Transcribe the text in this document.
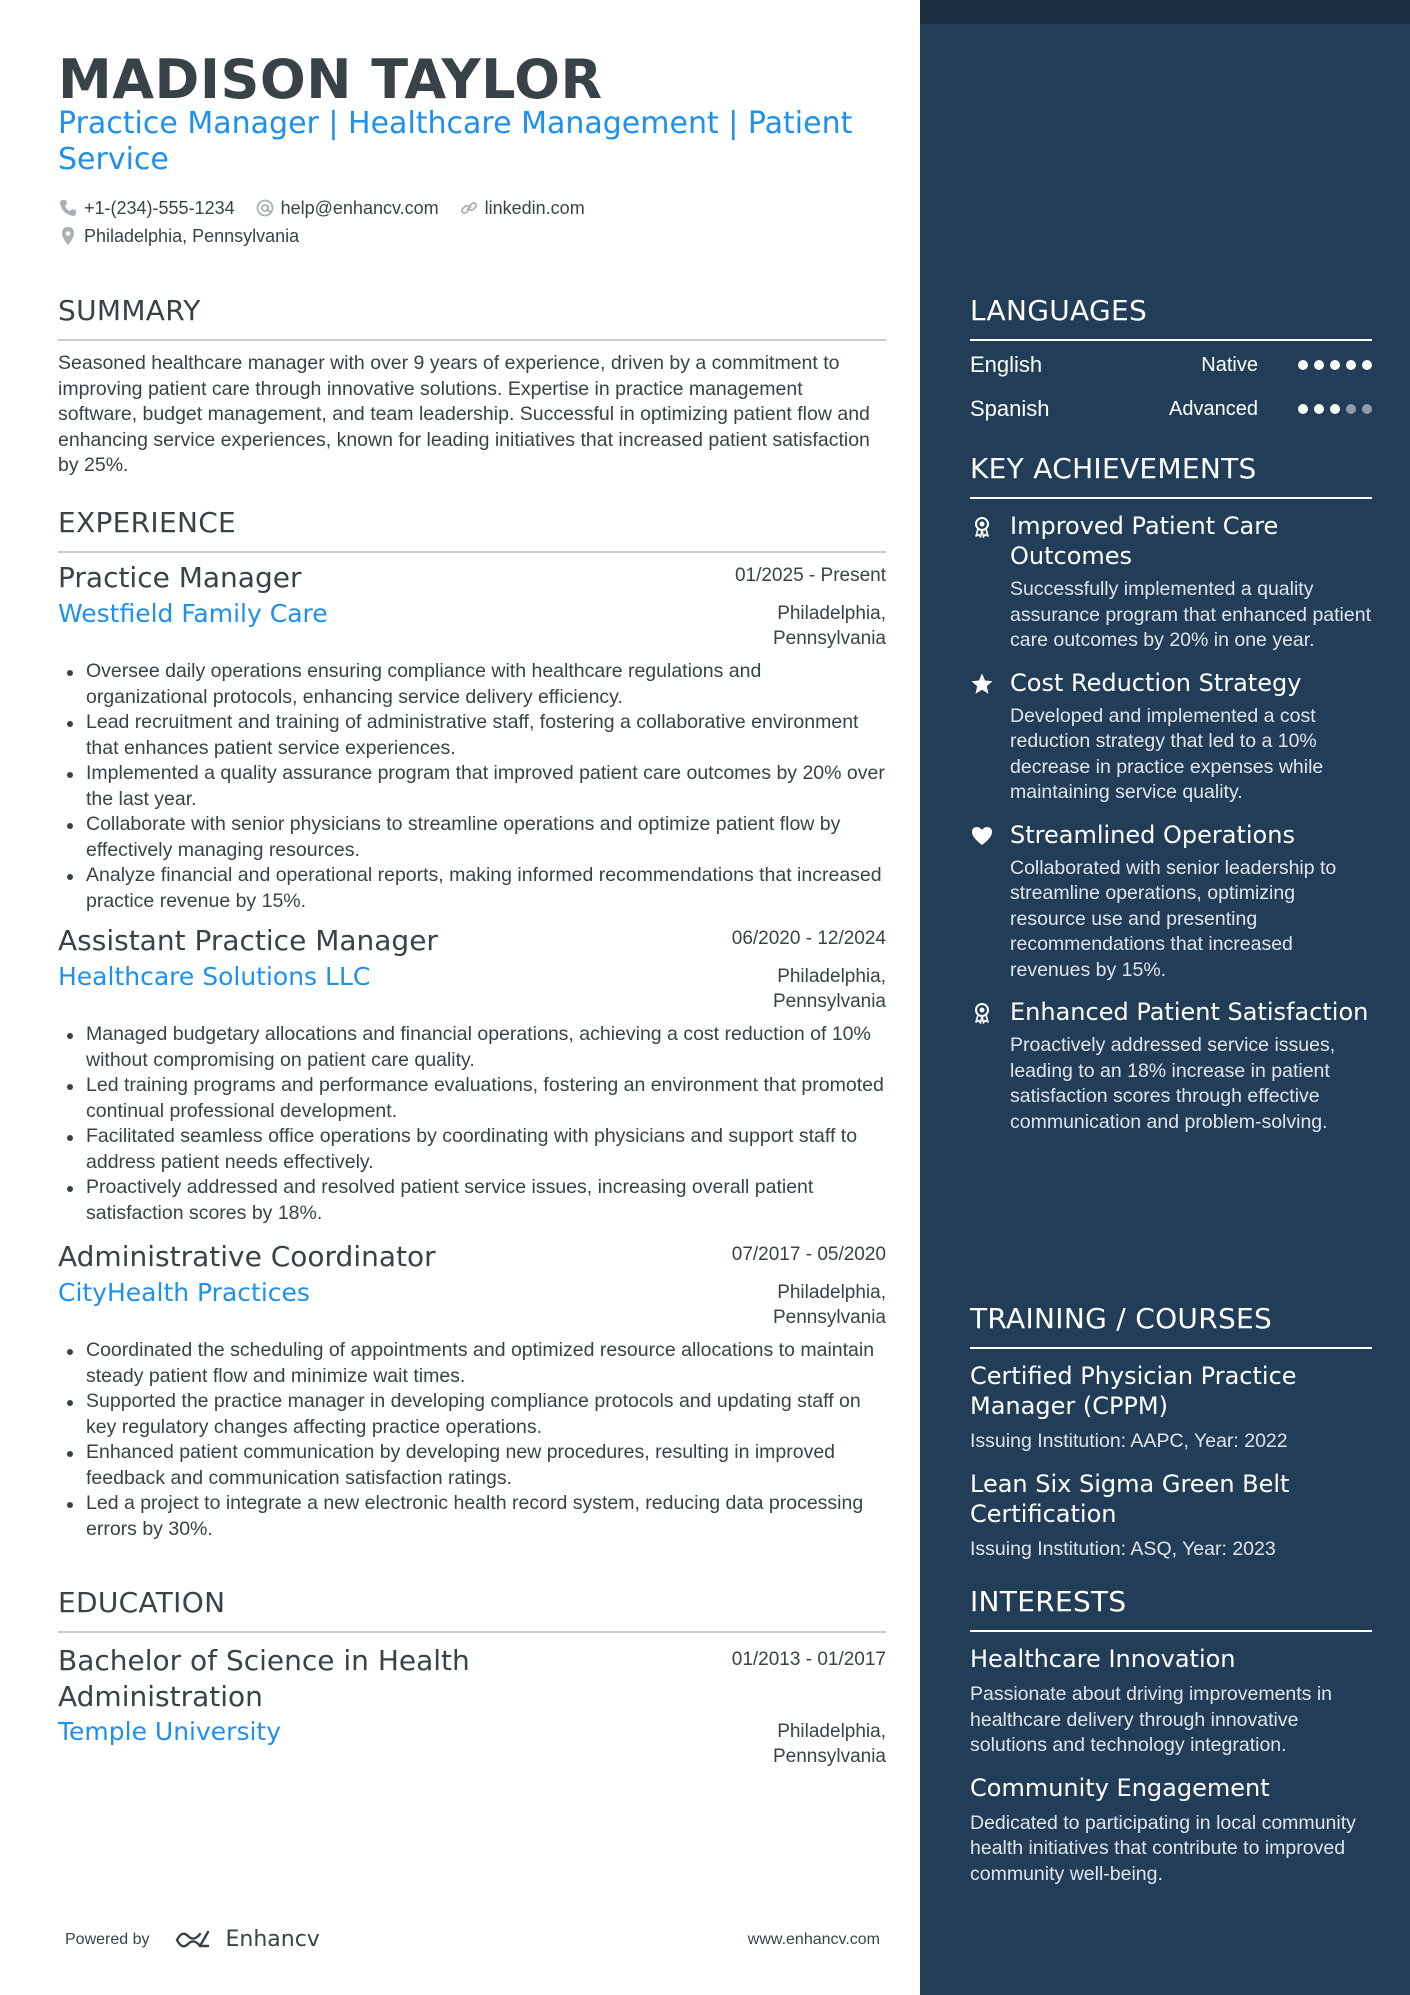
MADISON TAYLOR
Practice Manager | Healthcare Management | Patient Service
+1-(234)-555-1234	help@enhancv.com	linkedin.com
Philadelphia, Pennsylvania
SUMMARY
Seasoned healthcare manager with over 9 years of experience, driven by a commitment to improving patient care through innovative solutions. Expertise in practice management software, budget management, and team leadership. Successful in optimizing patient flow and enhancing service experiences, known for leading initiatives that increased patient satisfaction by 25%.
EXPERIENCE
Practice Manager	01/2025 - Present
Westfield Family Care	Philadelphia,
Pennsylvania
Oversee daily operations ensuring compliance with healthcare regulations and organizational protocols, enhancing service delivery efficiency.
Lead recruitment and training of administrative staff, fostering a collaborative environment that enhances patient service experiences.
Implemented a quality assurance program that improved patient care outcomes by 20% over the last year.
Collaborate with senior physicians to streamline operations and optimize patient flow by effectively managing resources.
Analyze financial and operational reports, making informed recommendations that increased practice revenue by 15%.
Assistant Practice Manager	06/2020 - 12/2024
Healthcare Solutions LLC	Philadelphia,
Pennsylvania
Managed budgetary allocations and financial operations, achieving a cost reduction of 10% without compromising on patient care quality.
Led training programs and performance evaluations, fostering an environment that promoted continual professional development.
Facilitated seamless office operations by coordinating with physicians and support staff to address patient needs effectively.
Proactively addressed and resolved patient service issues, increasing overall patient satisfaction scores by 18%.
Administrative Coordinator	07/2017 - 05/2020
CityHealth Practices	Philadelphia,
Pennsylvania
Coordinated the scheduling of appointments and optimized resource allocations to maintain steady patient flow and minimize wait times.
Supported the practice manager in developing compliance protocols and updating staff on key regulatory changes affecting practice operations.
Enhanced patient communication by developing new procedures, resulting in improved feedback and communication satisfaction ratings.
Led a project to integrate a new electronic health record system, reducing data processing errors by 30%.
EDUCATION
Bachelor of Science in Health Administration
01/2013 - 01/2017
Temple University	Philadelphia,
Pennsylvania
Powered by	Enhancv	www.enhancv.com
LANGUAGES
English	Native
Spanish	Advanced
KEY ACHIEVEMENTS
Improved Patient Care Outcomes
Successfully implemented a quality assurance program that enhanced patient care outcomes by 20% in one year.
Cost Reduction Strategy
Developed and implemented a cost reduction strategy that led to a 10% decrease in practice expenses while maintaining service quality.
Streamlined Operations
Collaborated with senior leadership to streamline operations, optimizing resource use and presenting recommendations that increased revenues by 15%.
Enhanced Patient Satisfaction
Proactively addressed service issues, leading to an 18% increase in patient satisfaction scores through effective communication and problem-solving.
TRAINING / COURSES
Certified Physician Practice Manager (CPPM)
Issuing Institution: AAPC, Year: 2022
Lean Six Sigma Green Belt Certification
Issuing Institution: ASQ, Year: 2023
INTERESTS
Healthcare Innovation
Passionate about driving improvements in healthcare delivery through innovative solutions and technology integration.
Community Engagement
Dedicated to participating in local community health initiatives that contribute to improved community well-being.
